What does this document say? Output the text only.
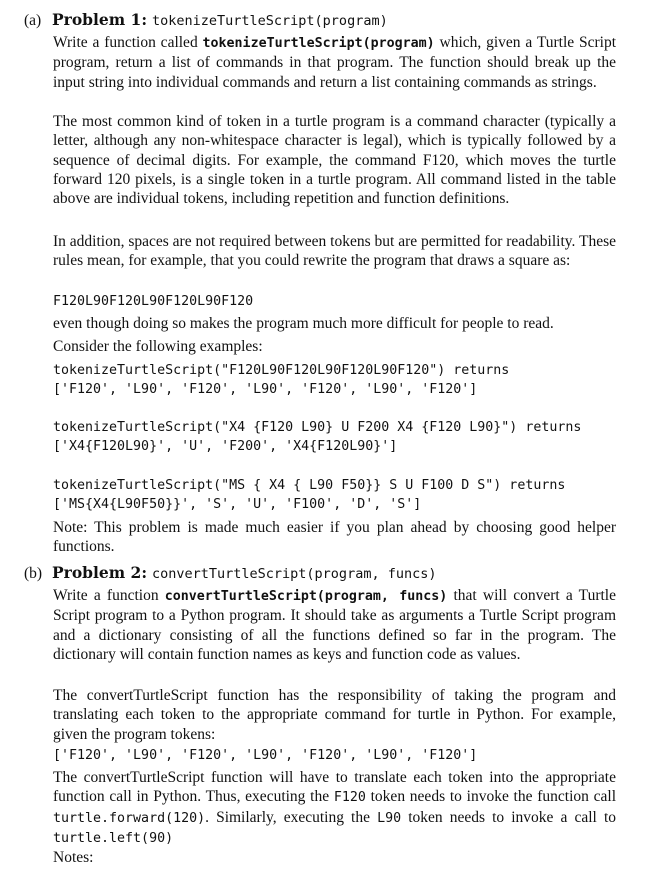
(a) Problem 1: tokenizeTurtleScript(program)

Write a function called tokenizeTurtleScript(program) which, given a Turtle Script program, return a list of commands in that program. The function should break up the input string into individual commands and return a list containing commands as strings.

The most common kind of token in a turtle program is a command character (typically a letter, although any non-whitespace character is legal), which is typically followed by a sequence of decimal digits. For example, the command F120, which moves the turtle forward 120 pixels, is a single token in a turtle program. All command listed in the table above are individual tokens, including repetition and function definitions.

In addition, spaces are not required between tokens but are permitted for readability. These rules mean, for example, that you could rewrite the program that draws a square as:

F120L90F120L90F120L90F120

even though doing so makes the program much more difficult for people to read.

Consider the following examples:

tokenizeTurtleScript("F120L90F120L90F120L90F120") returns
['F120', 'L90', 'F120', 'L90', 'F120', 'L90', 'F120']
tokenizeTurtleScript("X4 {F120 L90} U F200 X4 {F120 L90}") returns
['X4{F120L90}', 'U', 'F200', 'X4{F120L90}']
tokenizeTurtleScript("MS { X4 { L90 F50}} S U F100 D S") returns
['MS{X4{L90F50}}', 'S', 'U', 'F100', 'D', 'S']

Note: This problem is made much easier if you plan ahead by choosing good helper functions.

(b) Problem 2: convertTurtleScript(program, funcs)

Write a function convertTurtleScript(program, funcs) that will convert a Turtle Script program to a Python program. It should take as arguments a Turtle Script program and a dictionary consisting of all the functions defined so far in the program. The dictionary will contain function names as keys and function code as values.

The convertTurtleScript function has the responsibility of taking the program and translating each token to the appropriate command for turtle in Python. For example, given the program tokens:

['F120', 'L90', 'F120', 'L90', 'F120', 'L90', 'F120']

The convertTurtleScript function will have to translate each token into the appropriate function call in Python. Thus, executing the F120 token needs to invoke the function call turtle.forward(120). Similarly, executing the L90 token needs to invoke a call to turtle.left(90)

Notes:
